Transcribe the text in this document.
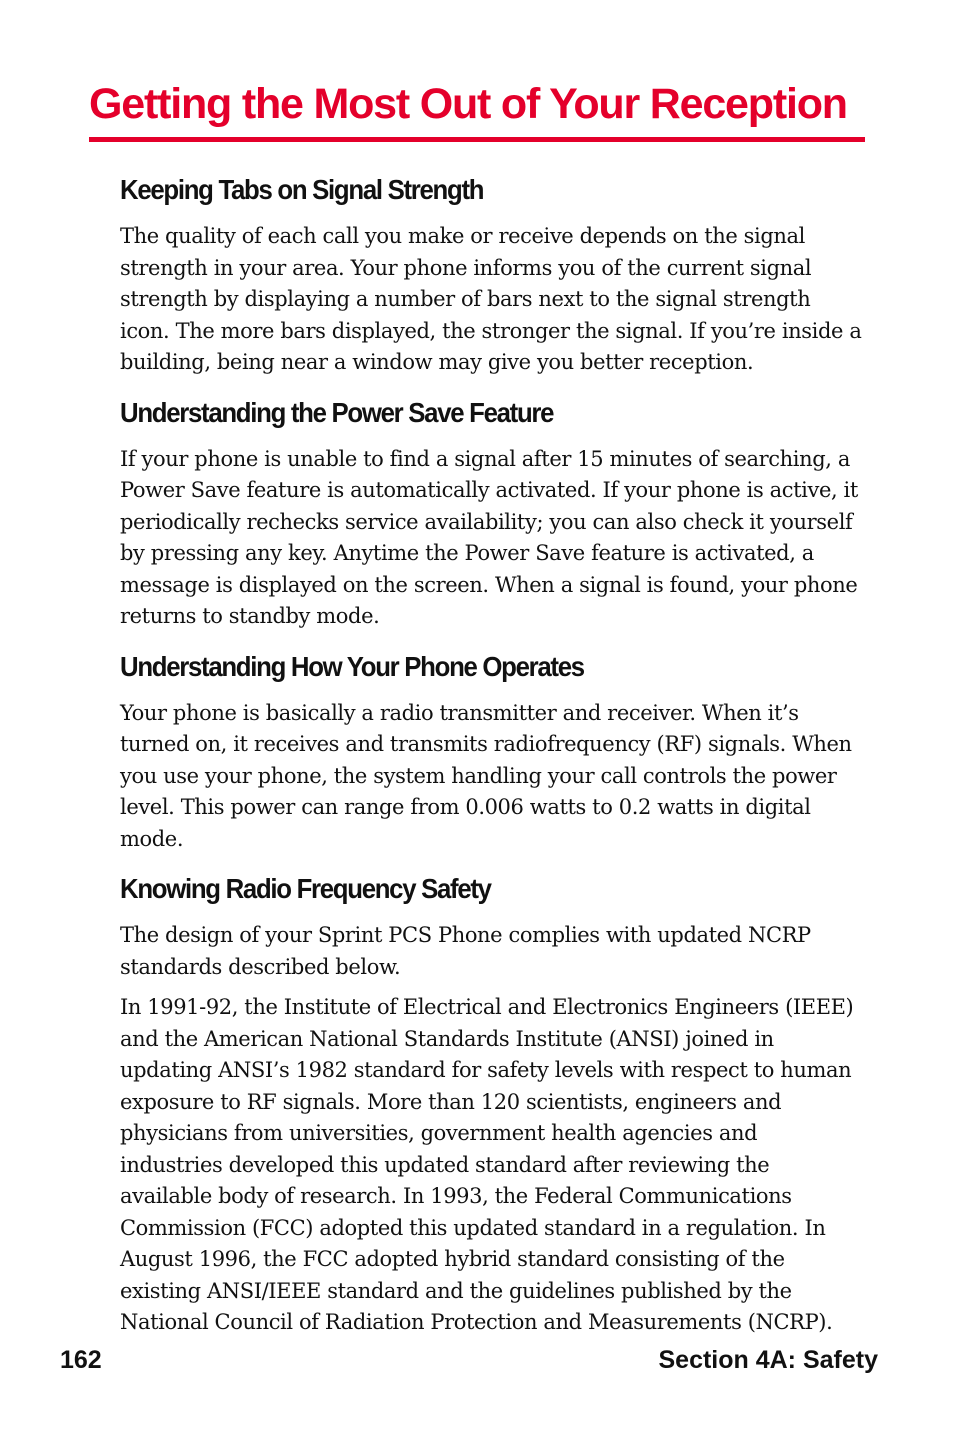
Getting the Most Out of Your Reception
Keeping Tabs on Signal Strength

The quality of each call you make or receive depends on the signal strength in your area. Your phone informs you of the current signal strength by displaying a number of bars next to the signal strength icon. The more bars displayed, the stronger the signal. If you’re inside a building, being near a window may give you better reception.

Understanding the Power Save Feature

If your phone is unable to find a signal after 15 minutes of searching, a Power Save feature is automatically activated. If your phone is active, it periodically rechecks service availability; you can also check it yourself by pressing any key. Anytime the Power Save feature is activated, a message is displayed on the screen. When a signal is found, your phone returns to standby mode.

Understanding How Your Phone Operates

Your phone is basically a radio transmitter and receiver. When it’s turned on, it receives and transmits radiofrequency (RF) signals. When you use your phone, the system handling your call controls the power level. This power can range from 0.006 watts to 0.2 watts in digital mode.

Knowing Radio Frequency Safety

The design of your Sprint PCS Phone complies with updated NCRP standards described below.

In 1991-92, the Institute of Electrical and Electronics Engineers (IEEE) and the American National Standards Institute (ANSI) joined in updating ANSI’s 1982 standard for safety levels with respect to human exposure to RF signals. More than 120 scientists, engineers and physicians from universities, government health agencies and industries developed this updated standard after reviewing the available body of research. In 1993, the Federal Communications Commission (FCC) adopted this updated standard in a regulation. In August 1996, the FCC adopted hybrid standard consisting of the existing ANSI/IEEE standard and the guidelines published by the National Council of Radiation Protection and Measurements (NCRP).

162	Section 4A: Safety
